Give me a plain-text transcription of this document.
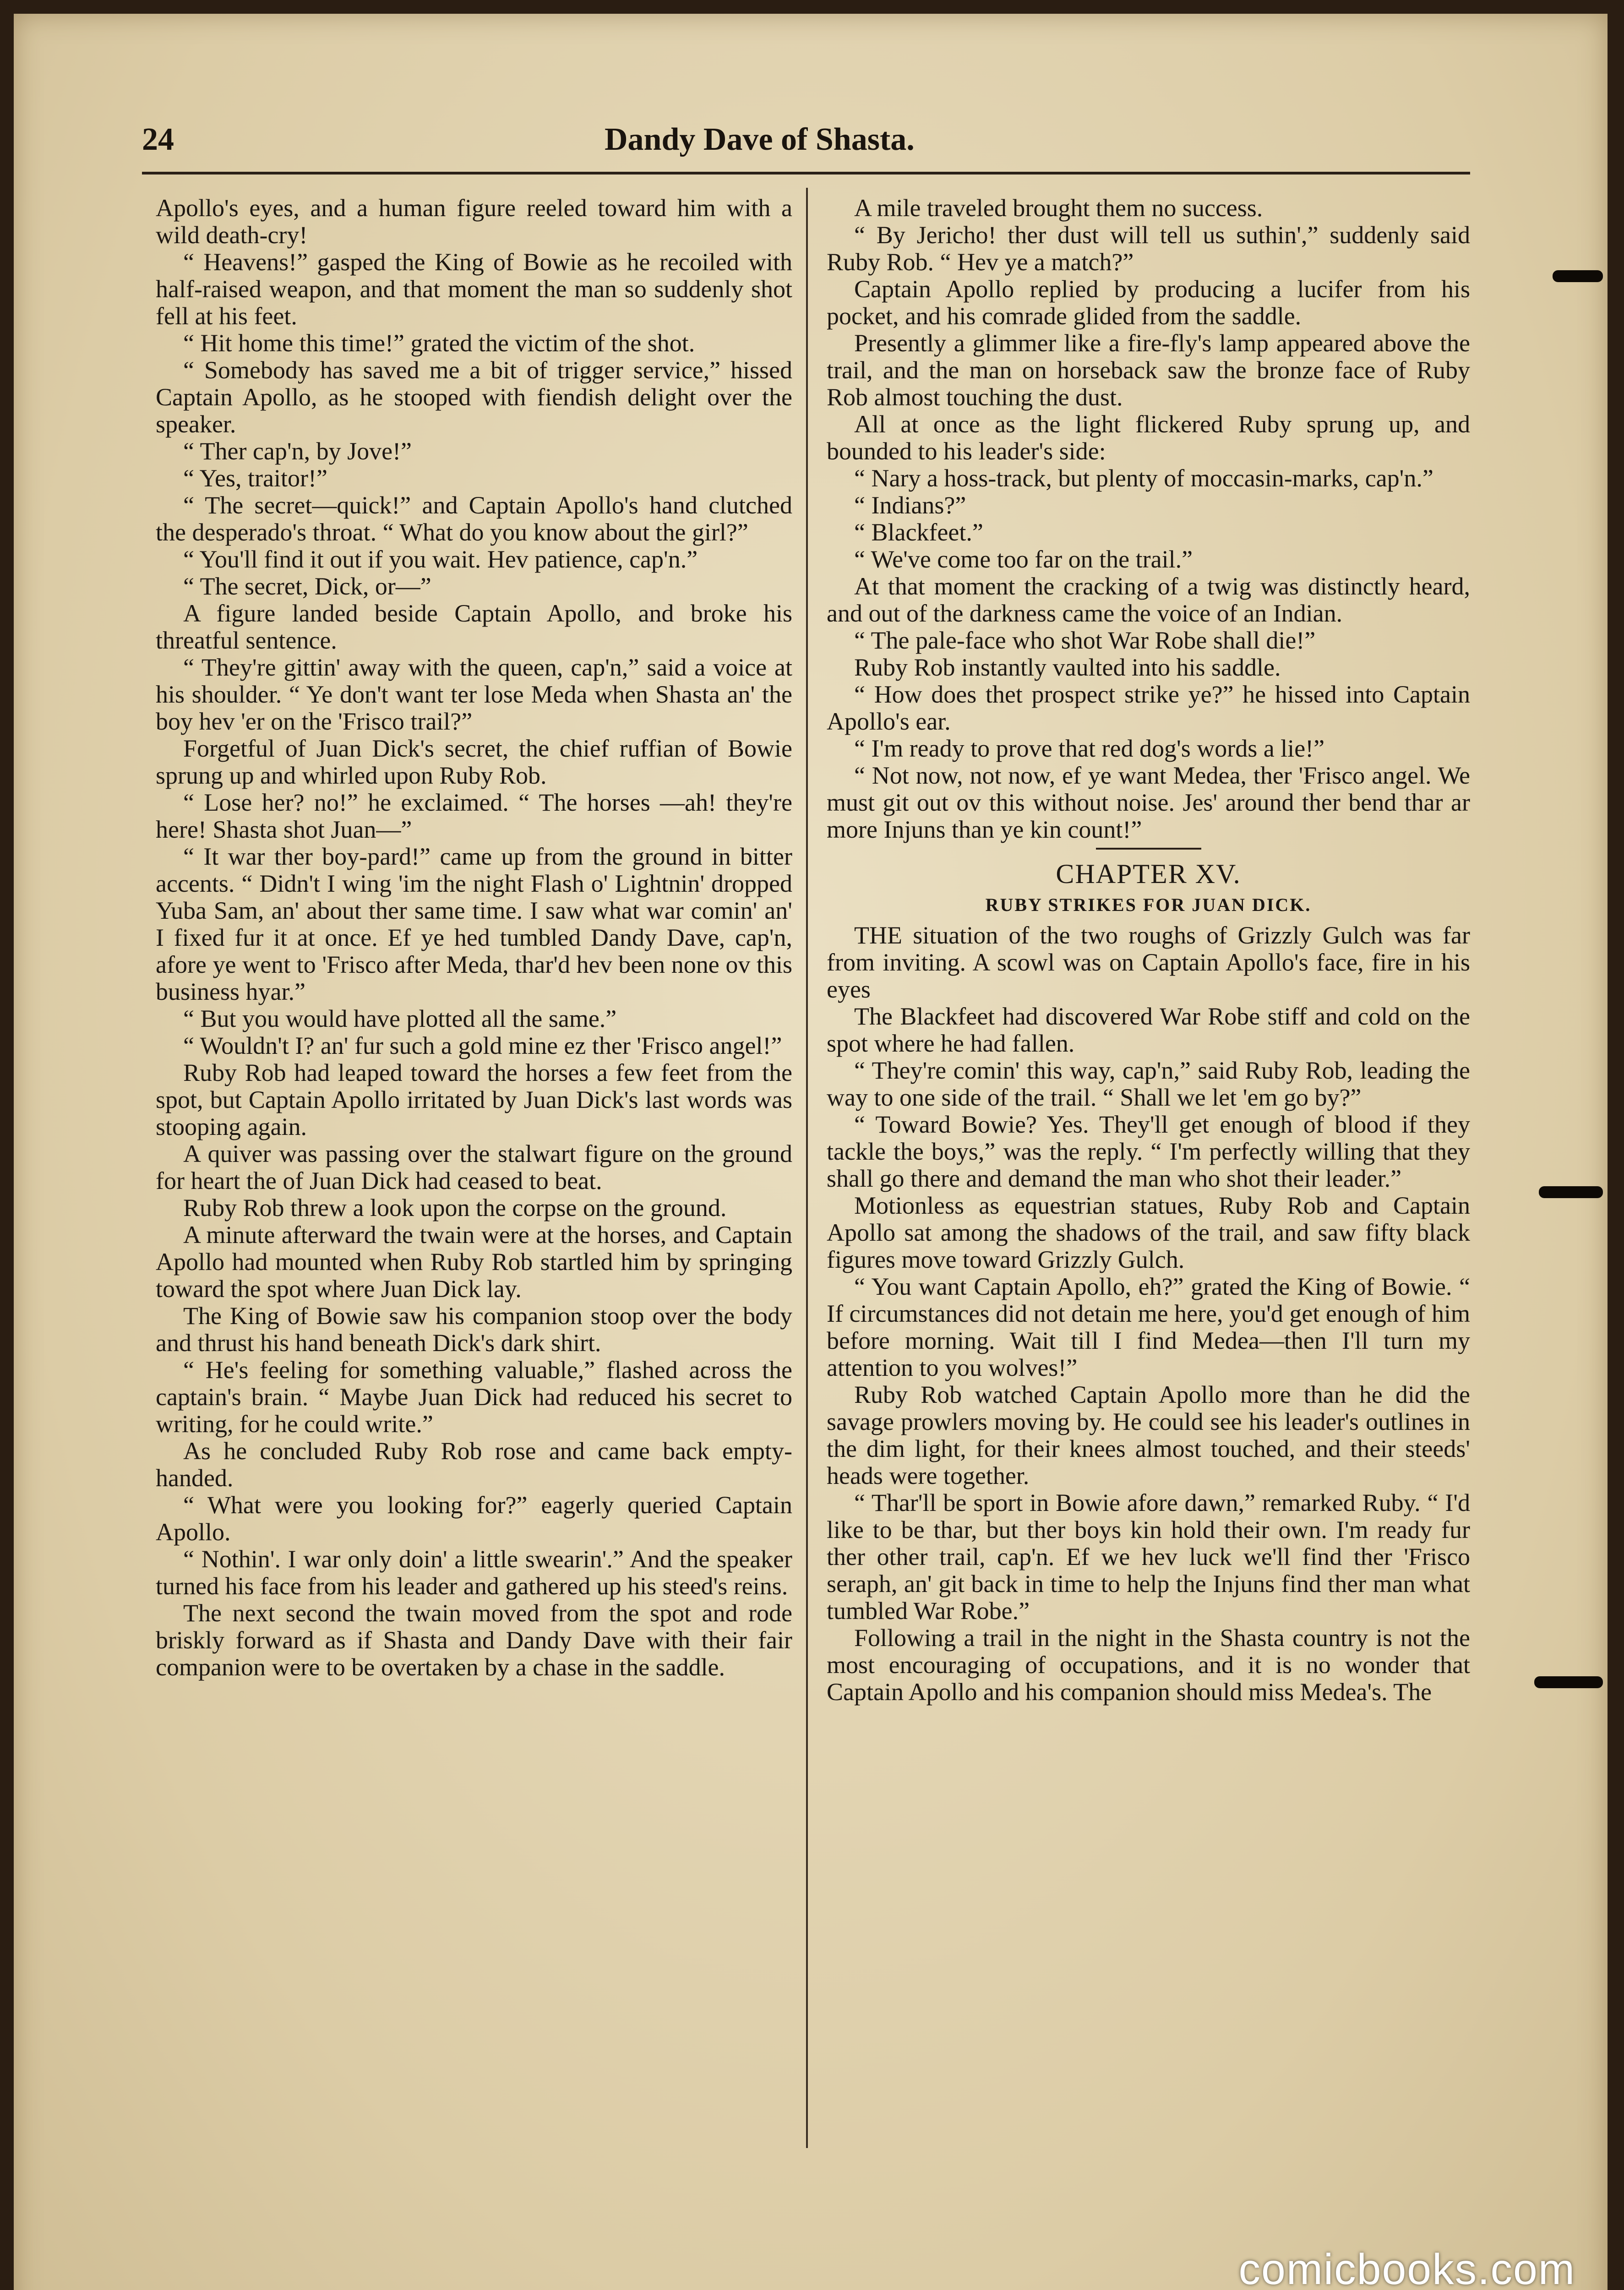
24	Dandy Dave of Shasta.

Apollo's eyes, and a human figure reeled toward him with a wild death-cry!

“ Heavens!” gasped the King of Bowie as he recoiled with half-raised weapon, and that moment the man so suddenly shot fell at his feet.

“ Hit home this time!” grated the victim of the shot.

“ Somebody has saved me a bit of trigger service,” hissed Captain Apollo, as he stooped with fiendish delight over the speaker.

“ Ther cap'n, by Jove!”

“ Yes, traitor!”

“ The secret—quick!” and Captain Apollo's hand clutched the desperado's throat. “ What do you know about the girl?”

“ You'll find it out if you wait. Hev patience, cap'n.”

“ The secret, Dick, or—”

A figure landed beside Captain Apollo, and broke his threatful sentence.

“ They're gittin' away with the queen, cap'n,” said a voice at his shoulder. “ Ye don't want ter lose Meda when Shasta an' the boy hev 'er on the 'Frisco trail?”

Forgetful of Juan Dick's secret, the chief ruffian of Bowie sprung up and whirled upon Ruby Rob.

“ Lose her? no!” he exclaimed. “ The horses —ah! they're here! Shasta shot Juan—”

“ It war ther boy-pard!” came up from the ground in bitter accents. “ Didn't I wing 'im the night Flash o' Lightnin' dropped Yuba Sam, an' about ther same time. I saw what war comin' an' I fixed fur it at once. Ef ye hed tumbled Dandy Dave, cap'n, afore ye went to 'Frisco after Meda, thar'd hev been none ov this business hyar.”

“ But you would have plotted all the same.”

“ Wouldn't I? an' fur such a gold mine ez ther 'Frisco angel!”

Ruby Rob had leaped toward the horses a few feet from the spot, but Captain Apollo irritated by Juan Dick's last words was stooping again.

A quiver was passing over the stalwart figure on the ground for heart the of Juan Dick had ceased to beat.

Ruby Rob threw a look upon the corpse on the ground.

A minute afterward the twain were at the horses, and Captain Apollo had mounted when Ruby Rob startled him by springing toward the spot where Juan Dick lay.

The King of Bowie saw his companion stoop over the body and thrust his hand beneath Dick's dark shirt.

“ He's feeling for something valuable,” flashed across the captain's brain. “ Maybe Juan Dick had reduced his secret to writing, for he could write.”

As he concluded Ruby Rob rose and came back empty-handed.

“ What were you looking for?” eagerly queried Captain Apollo.

“ Nothin'. I war only doin' a little swearin'.” And the speaker turned his face from his leader and gathered up his steed's reins.

The next second the twain moved from the spot and rode briskly forward as if Shasta and Dandy Dave with their fair companion were to be overtaken by a chase in the saddle.

A mile traveled brought them no success.

“ By Jericho! ther dust will tell us suthin',” suddenly said Ruby Rob. “ Hev ye a match?”

Captain Apollo replied by producing a lucifer from his pocket, and his comrade glided from the saddle.

Presently a glimmer like a fire-fly's lamp appeared above the trail, and the man on horseback saw the bronze face of Ruby Rob almost touching the dust.

All at once as the light flickered Ruby sprung up, and bounded to his leader's side:

“ Nary a hoss-track, but plenty of moccasin-marks, cap'n.”

“ Indians?”

“ Blackfeet.”

“ We've come too far on the trail.”

At that moment the cracking of a twig was distinctly heard, and out of the darkness came the voice of an Indian.

“ The pale-face who shot War Robe shall die!”

Ruby Rob instantly vaulted into his saddle.

“ How does thet prospect strike ye?” he hissed into Captain Apollo's ear.

“ I'm ready to prove that red dog's words a lie!”

“ Not now, not now, ef ye want Medea, ther 'Frisco angel. We must git out ov this without noise. Jes' around ther bend thar ar more Injuns than ye kin count!”

CHAPTER XV.
RUBY STRIKES FOR JUAN DICK.

THE situation of the two roughs of Grizzly Gulch was far from inviting. A scowl was on Captain Apollo's face, fire in his eyes

The Blackfeet had discovered War Robe stiff and cold on the spot where he had fallen.

“ They're comin' this way, cap'n,” said Ruby Rob, leading the way to one side of the trail. “ Shall we let 'em go by?”

“ Toward Bowie? Yes. They'll get enough of blood if they tackle the boys,” was the reply. “ I'm perfectly willing that they shall go there and demand the man who shot their leader.”

Motionless as equestrian statues, Ruby Rob and Captain Apollo sat among the shadows of the trail, and saw fifty black figures move toward Grizzly Gulch.

“ You want Captain Apollo, eh?” grated the King of Bowie. “ If circumstances did not detain me here, you'd get enough of him before morning. Wait till I find Medea—then I'll turn my attention to you wolves!”

Ruby Rob watched Captain Apollo more than he did the savage prowlers moving by. He could see his leader's outlines in the dim light, for their knees almost touched, and their steeds' heads were together.

“ Thar'll be sport in Bowie afore dawn,” remarked Ruby. “ I'd like to be thar, but ther boys kin hold their own. I'm ready fur ther other trail, cap'n. Ef we hev luck we'll find ther 'Frisco seraph, an' git back in time to help the Injuns find ther man what tumbled War Robe.”

Following a trail in the night in the Shasta country is not the most encouraging of occupations, and it is no wonder that Captain Apollo and his companion should miss Medea's. The

comicbooks.com
